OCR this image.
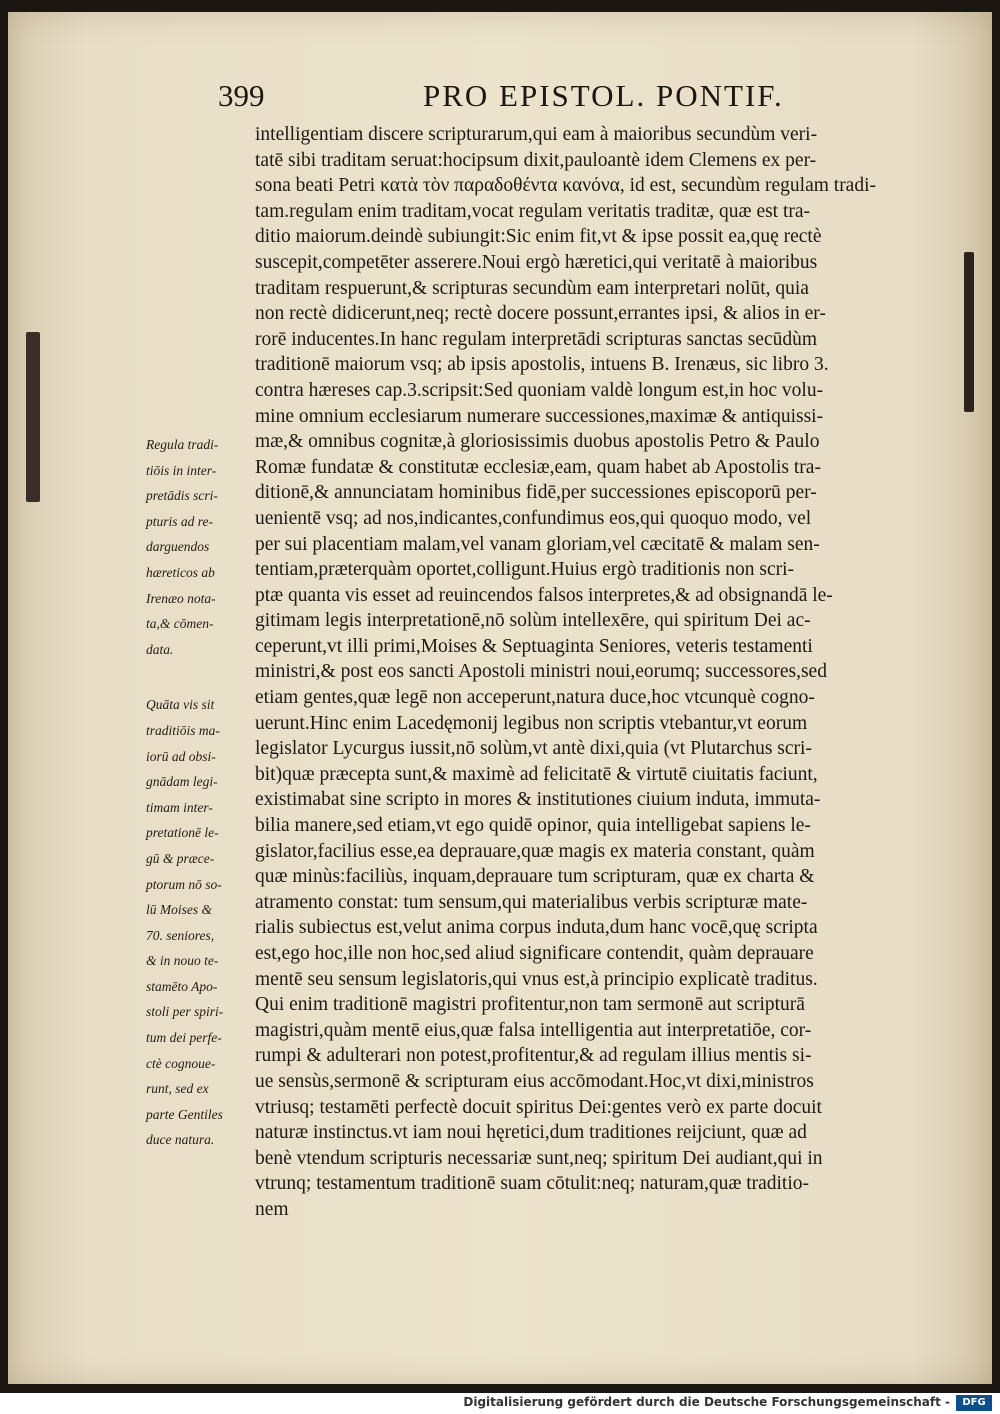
399	PRO EPISTOL. PONTIF.
Regula tradi-
tiōis in inter-
pretādis scri-
pturis ad re-
darguendos
hæreticos ab
Irenæo nota-
ta,& cōmen-
data.
Quāta vis sit
traditiōis ma-
iorū ad obsi-
gnādam legi-
timam inter-
pretationē le-
gū & præce-
ptorum nō so-
lū Moises &
70. seniores,
& in nouo te-
stamēto Apo-
stoli per spiri-
tum dei perfe-
ctè cognoue-
runt, sed ex
parte Gentiles
duce natura.
intelligentiam discere scripturarum,qui eam à maioribus secundùm veri-
tatē sibi traditam seruat:hocipsum dixit,pauloantè idem Clemens ex per-
sona beati Petri κατὰ τὸν παραδοθέντα κανόνα, id est, secundùm regulam tradi-
tam.regulam enim traditam,vocat regulam veritatis traditæ, quæ est tra-
ditio maiorum.deindè subiungit:Sic enim fit,vt & ipse possit ea,quę rectè
suscepit,competēter asserere.Noui ergò hæretici,qui veritatē à maioribus
traditam respuerunt,& scripturas secundùm eam interpretari nolūt, quia
non rectè didicerunt,neq; rectè docere possunt,errantes ipsi, & alios in er-
rorē inducentes.In hanc regulam interpretādi scripturas sanctas secūdùm
traditionē maiorum vsq; ab ipsis apostolis, intuens B. Irenæus, sic libro 3.
contra hæreses cap.3.scripsit:Sed quoniam valdè longum est,in hoc volu-
mine omnium ecclesiarum numerare successiones,maximæ & antiquissi-
mæ,& omnibus cognitæ,à gloriosissimis duobus apostolis Petro & Paulo
Romæ fundatæ & constitutæ ecclesiæ,eam, quam habet ab Apostolis tra-
ditionē,& annunciatam hominibus fidē,per successiones episcoporū per-
uenientē vsq; ad nos,indicantes,confundimus eos,qui quoquo modo, vel
per sui placentiam malam,vel vanam gloriam,vel cæcitatē & malam sen-
tentiam,præterquàm oportet,colligunt.Huius ergò traditionis non scri-
ptæ quanta vis esset ad reuincendos falsos interpretes,& ad obsignandā le-
gitimam legis interpretationē,nō solùm intellexēre, qui spiritum Dei ac-
ceperunt,vt illi primi,Moises & Septuaginta Seniores, veteris testamenti
ministri,& post eos sancti Apostoli ministri noui,eorumq; successores,sed
etiam gentes,quæ legē non acceperunt,natura duce,hoc vtcunquè cogno-
uerunt.Hinc enim Lacedęmonij legibus non scriptis vtebantur,vt eorum
legislator Lycurgus iussit,nō solùm,vt antè dixi,quia (vt Plutarchus scri-
bit)quæ præcepta sunt,& maximè ad felicitatē & virtutē ciuitatis faciunt,
existimabat sine scripto in mores & institutiones ciuium induta, immuta-
bilia manere,sed etiam,vt ego quidē opinor, quia intelligebat sapiens le-
gislator,facilius esse,ea deprauare,quæ magis ex materia constant, quàm
quæ minùs:faciliùs, inquam,deprauare tum scripturam, quæ ex charta &
atramento constat: tum sensum,qui materialibus verbis scripturæ mate-
rialis subiectus est,velut anima corpus induta,dum hanc vocē,quę scripta
est,ego hoc,ille non hoc,sed aliud significare contendit, quàm deprauare
mentē seu sensum legislatoris,qui vnus est,à principio explicatè traditus.
Qui enim traditionē magistri profitentur,non tam sermonē aut scripturā
magistri,quàm mentē eius,quæ falsa intelligentia aut interpretatiōe, cor-
rumpi & adulterari non potest,profitentur,& ad regulam illius mentis si-
ue sensùs,sermonē & scripturam eius accōmodant.Hoc,vt dixi,ministros
vtriusq; testamēti perfectè docuit spiritus Dei:gentes verò ex parte docuit
naturæ instinctus.vt iam noui hęretici,dum traditiones reijciunt, quæ ad
benè vtendum scripturis necessariæ sunt,neq; spiritum Dei audiant,qui in
vtrunq; testamentum traditionē suam cōtulit:neq; naturam,quæ traditio-
nem
Digitalisierung gefördert durch die Deutsche Forschungsgemeinschaft -	DFG
